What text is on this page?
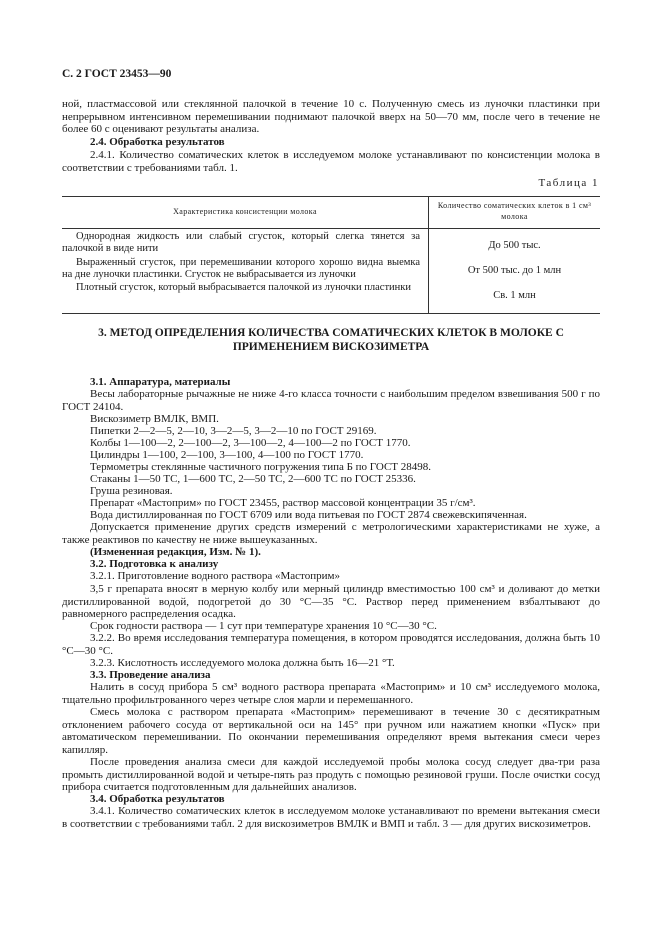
С. 2 ГОСТ 23453—90
ной, пластмассовой или стеклянной палочкой в течение 10 с. Полученную смесь из луночки пластинки при непрерывном интенсивном перемешивании поднимают палочкой вверх на 50—70 мм, после чего в течение не более 60 с оценивают результаты анализа.
2.4. Обработка результатов
2.4.1. Количество соматических клеток в исследуемом молоке устанавливают по консистенции молока в соответствии с требованиями табл. 1.
Таблица 1
Характеристика консистенции молока
Количество соматических клеток в 1 см³ молока
Однородная жидкость или слабый сгусток, который слегка тянется за палочкой в виде нити	До 500 тыс.
Выраженный сгусток, при перемешивании которого хорошо видна выемка на дне луночки пластинки. Сгусток не выбрасывается из луночки	От 500 тыс. до 1 млн
Плотный сгусток, который выбрасывается палочкой из луночки пластинки
Св. 1 млн
3. МЕТОД ОПРЕДЕЛЕНИЯ КОЛИЧЕСТВА СОМАТИЧЕСКИХ КЛЕТОК В МОЛОКЕ С ПРИМЕНЕНИЕМ ВИСКОЗИМЕТРА
3.1. Аппаратура, материалы
Весы лабораторные рычажные не ниже 4-го класса точности с наибольшим пределом взвешивания 500 г по ГОСТ 24104.
Вискозиметр ВМЛК, ВМП.
Пипетки 2—2—5, 2—10, 3—2—5, 3—2—10 по ГОСТ 29169.
Колбы 1—100—2, 2—100—2, 3—100—2, 4—100—2 по ГОСТ 1770.
Цилиндры 1—100, 2—100, 3—100, 4—100 по ГОСТ 1770.
Термометры стеклянные частичного погружения типа Б по ГОСТ 28498.
Стаканы 1—50 ТС, 1—600 ТС, 2—50 ТС, 2—600 ТС по ГОСТ 25336.
Груша резиновая.
Препарат «Мастоприм» по ГОСТ 23455, раствор массовой концентрации 35 г/см³.
Вода дистиллированная по ГОСТ 6709 или вода питьевая по ГОСТ 2874 свежевскипяченная.
Допускается применение других средств измерений с метрологическими характеристиками не хуже, а также реактивов по качеству не ниже вышеуказанных.
(Измененная редакция, Изм. № 1).
3.2. Подготовка к анализу
3.2.1. Приготовление водного раствора «Мастоприм»
3,5 г препарата вносят в мерную колбу или мерный цилиндр вместимостью 100 см³ и доливают до метки дистиллированной водой, подогретой до 30 °С—35 °С. Раствор перед применением взбалтывают до равномерного распределения осадка.
Срок годности раствора — 1 сут при температуре хранения 10 °С—30 °С.
3.2.2. Во время исследования температура помещения, в котором проводятся исследования, должна быть 10 °С—30 °С.
3.2.3. Кислотность исследуемого молока должна быть 16—21 °Т.
3.3. Проведение анализа
Налить в сосуд прибора 5 см³ водного раствора препарата «Мастоприм» и 10 см³ исследуемого молока, тщательно профильтрованного через четыре слоя марли и перемешанного.
Смесь молока с раствором препарата «Мастоприм» перемешивают в течение 30 с десятикратным отклонением рабочего сосуда от вертикальной оси на 145° при ручном или нажатием кнопки «Пуск» при автоматическом перемешивании. По окончании перемешивания определяют время вытекания смеси через капилляр.
После проведения анализа смеси для каждой исследуемой пробы молока сосуд следует два-три раза промыть дистиллированной водой и четыре-пять раз продуть с помощью резиновой груши. После очистки сосуд прибора считается подготовленным для дальнейших анализов.
3.4. Обработка результатов
3.4.1. Количество соматических клеток в исследуемом молоке устанавливают по времени вытекания смеси в соответствии с требованиями табл. 2 для вискозиметров ВМЛК и ВМП и табл. 3 — для других вискозиметров.
